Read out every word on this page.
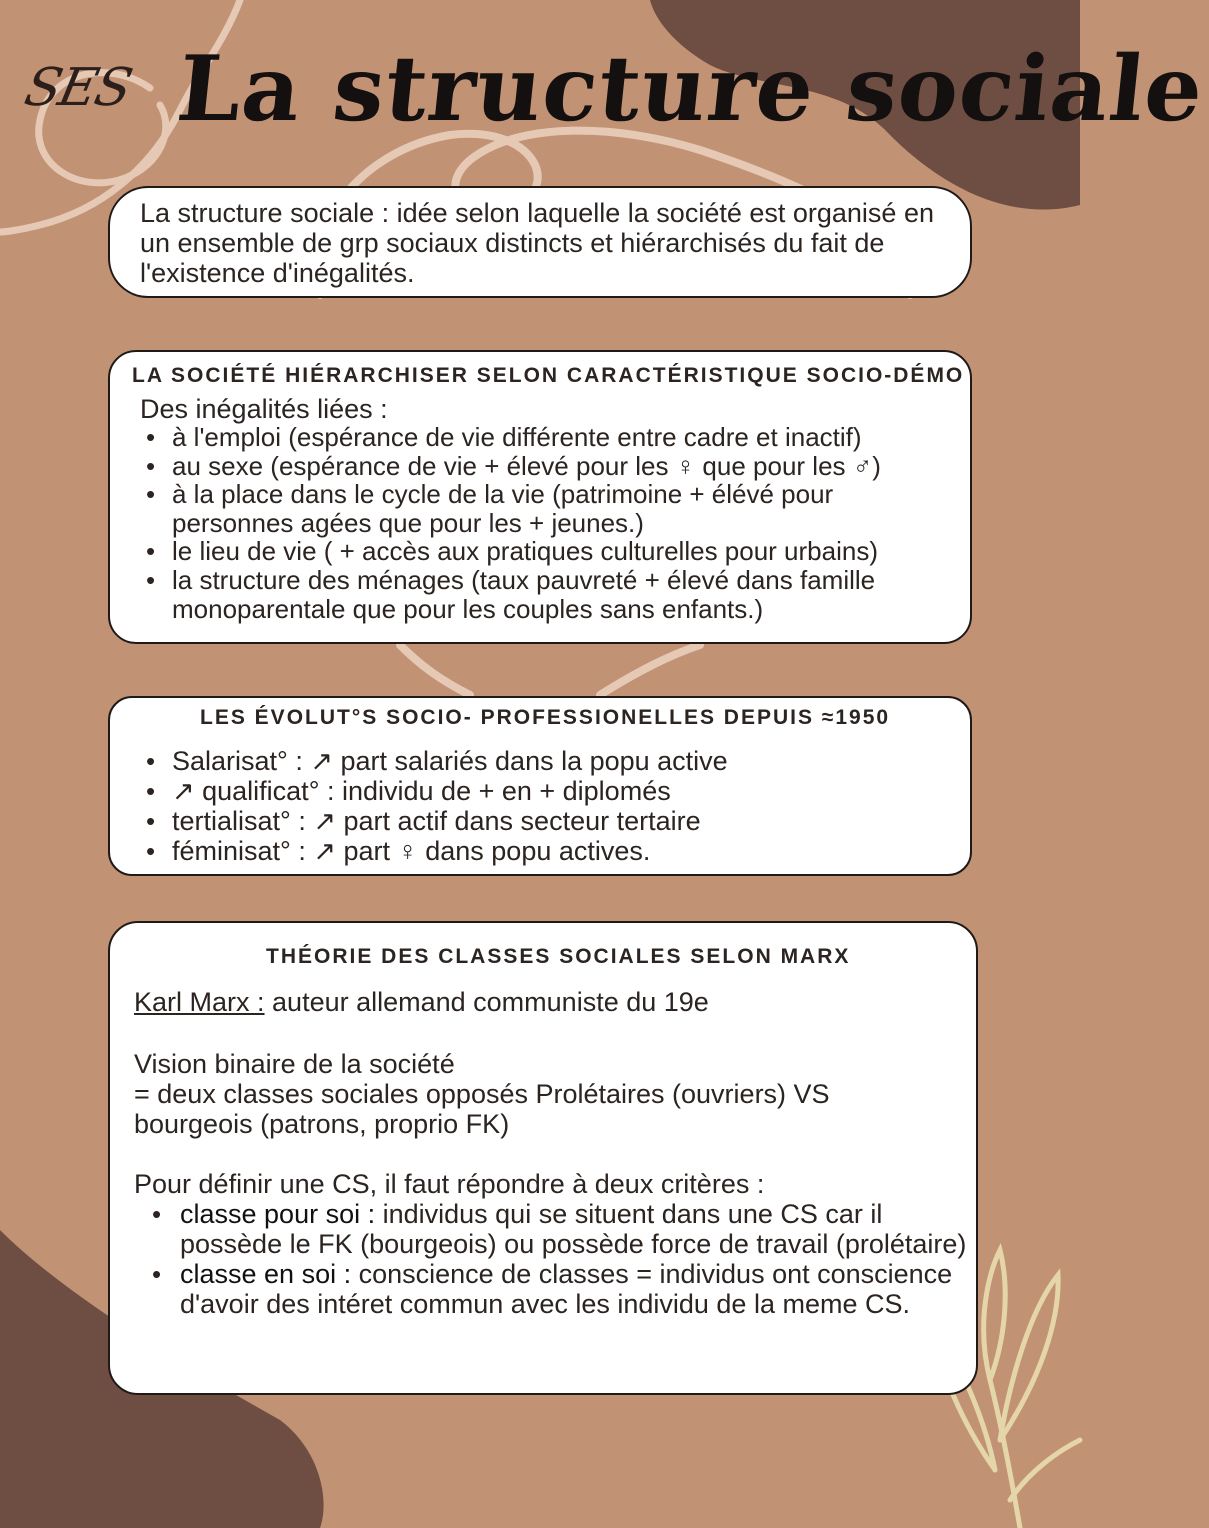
SES La structure sociale
La structure sociale : idée selon laquelle la société est organisé en un ensemble de grp sociaux distincts et hiérarchisés du fait de l'existence d'inégalités.
LA SOCIÉTÉ HIÉRARCHISER SELON CARACTÉRISTIQUE SOCIO-DÉMO
Des inégalités liées :
• à l'emploi (espérance de vie différente entre cadre et inactif)
• au sexe (espérance de vie + élevé pour les ♀ que pour les ♂)
• à la place dans le cycle de la vie (patrimoine + élévé pour personnes agées que pour les + jeunes.)
• le lieu de vie ( + accès aux pratiques culturelles pour urbains)
• la structure des ménages (taux pauvreté + élevé dans famille monoparentale que pour les couples sans enfants.)
LES ÉVOLUT°S SOCIO- PROFESSIONELLES DEPUIS ≈1950
• Salarisat° : ↗ part salariés dans la popu active
• ↗ qualificat° : individu de + en + diplomés
• tertialisat° : ↗ part actif dans secteur tertaire
• féminisat° : ↗ part ♀ dans popu actives.
THÉORIE DES CLASSES SOCIALES SELON MARX
Karl Marx : auteur allemand communiste du 19e
Vision binaire de la société
= deux classes sociales opposés Prolétaires (ouvriers) VS bourgeois (patrons, proprio FK)
Pour définir une CS, il faut répondre à deux critères :
• classe pour soi : individus qui se situent dans une CS car il possède le FK (bourgeois) ou possède force de travail (prolétaire)
• classe en soi : conscience de classes = individus ont conscience d'avoir des intéret commun avec les individu de la meme CS.
